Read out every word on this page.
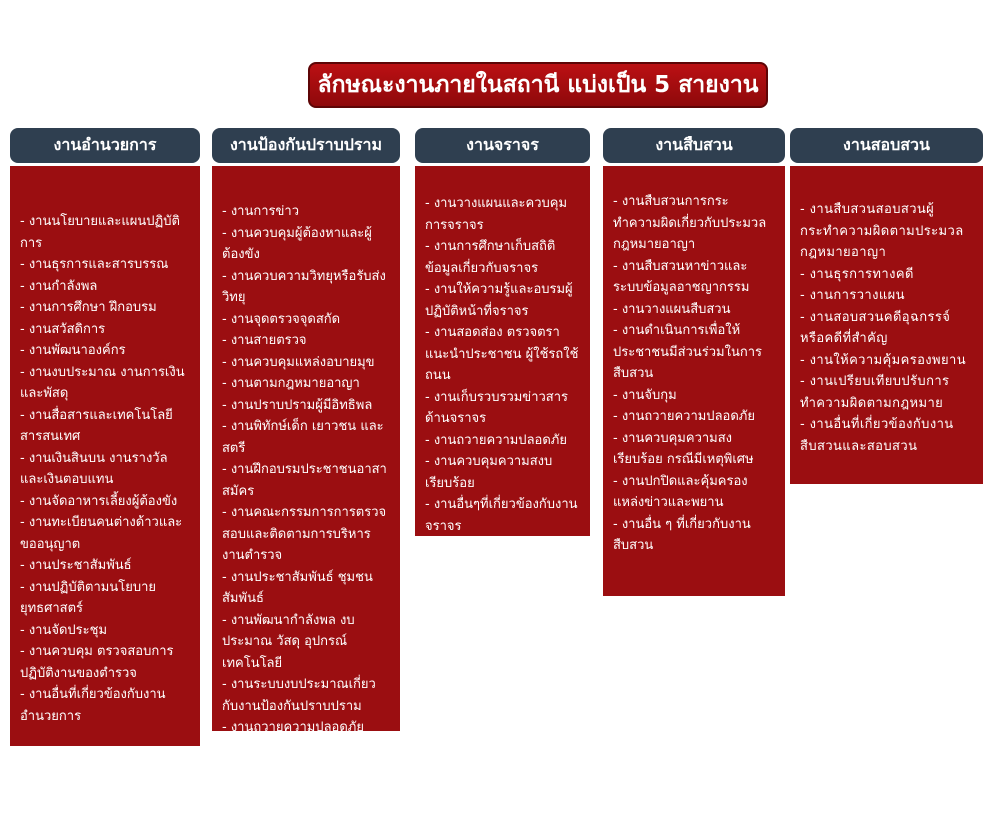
ลักษณะงานภายในสถานี แบ่งเป็น 5 สายงาน
งานอำนวยการ
- งานนโยบายและแผนปฏิบัติการ
- งานธุรการและสารบรรณ
- งานกำลังพล
- งานการศึกษา ฝึกอบรม
- งานสวัสดิการ
- งานพัฒนาองค์กร
- งานงบประมาณ งานการเงินและพัสดุ
- งานสื่อสารและเทคโนโลยีสารสนเทศ
- งานเงินสินบน งานรางวัลและเงินตอบแทน
- งานจัดอาหารเลี้ยงผู้ต้องขัง
- งานทะเบียนคนต่างด้าวและขออนุญาต
- งานประชาสัมพันธ์
- งานปฏิบัติตามนโยบายยุทธศาสตร์
- งานจัดประชุม
- งานควบคุม ตรวจสอบการปฏิบัติงานของตำรวจ
- งานอื่นที่เกี่ยวข้องกับงานอำนวยการ
งานป้องกันปราบปราม
- งานการข่าว
- งานควบคุมผู้ต้องหาและผู้ต้องขัง
- งานควบความวิทยุหรือรับส่งวิทยุ
- งานจุดตรวจจุดสกัด
- งานสายตรวจ
- งานควบคุมแหล่งอบายมุข
- งานตามกฎหมายอาญา
- งานปราบปรามผู้มีอิทธิพล
- งานพิทักษ์เด็ก เยาวชน และสตรี
- งานฝึกอบรมประชาชนอาสาสมัคร
- งานคณะกรรมการการตรวจสอบและติดตามการบริหารงานตำรวจ
- งานประชาสัมพันธ์ ชุมชนสัมพันธ์
- งานพัฒนากำลังพล งบประมาณ วัสดุ อุปกรณ์ เทคโนโลยี
- งานระบบงบประมาณเกี่ยวกับงานป้องกันปราบปราม
- งานถวายความปลอดภัย
- งานควบคุมความสงบเรียบร้อย
- งานอื่นที่เกี่ยวกับงานป้องกันปราบปราม
งานจราจร
- งานวางแผนและควบคุมการจราจร
- งานการศึกษาเก็บสถิติข้อมูลเกี่ยวกับจราจร
- งานให้ความรู้และอบรมผู้ปฏิบัติหน้าที่จราจร
- งานสอดส่อง ตรวจตรา แนะนำประชาชน ผู้ใช้รถใช้ถนน
- งานเก็บรวบรวมข่าวสารด้านจราจร
- งานถวายความปลอดภัย
- งานควบคุมความสงบเรียบร้อย
- งานอื่นๆที่เกี่ยวข้องกับงานจราจร
งานสืบสวน
- งานสืบสวนการกระทำความผิดเกี่ยวกับประมวลกฎหมายอาญา
- งานสืบสวนหาข่าวและระบบข้อมูลอาชญากรรม
- งานวางแผนสืบสวน
- งานดำเนินการเพื่อให้ประชาชนมีส่วนร่วมในการสืบสวน
- งานจับกุม
- งานถวายความปลอดภัย
- งานควบคุมความสงเรียบร้อย กรณีมีเหตุพิเศษ
- งานปกปิดและคุ้มครองแหล่งข่าวและพยาน
- งานอื่น ๆ ที่เกี่ยวกับงานสืบสวน
งานสอบสวน
- งานสืบสวนสอบสวนผู้กระทำความผิดตามประมวลกฎหมายอาญา
- งานธุรการทางคดี
- งานการวางแผน
- งานสอบสวนคดีอุฉกรรจ์หรือคดีที่สำคัญ
- งานให้ความคุ้มครองพยาน
- งานเปรียบเทียบปรับการทำความผิดตามกฎหมาย
- งานอื่นที่เกี่ยวข้องกับงานสืบสวนและสอบสวน
